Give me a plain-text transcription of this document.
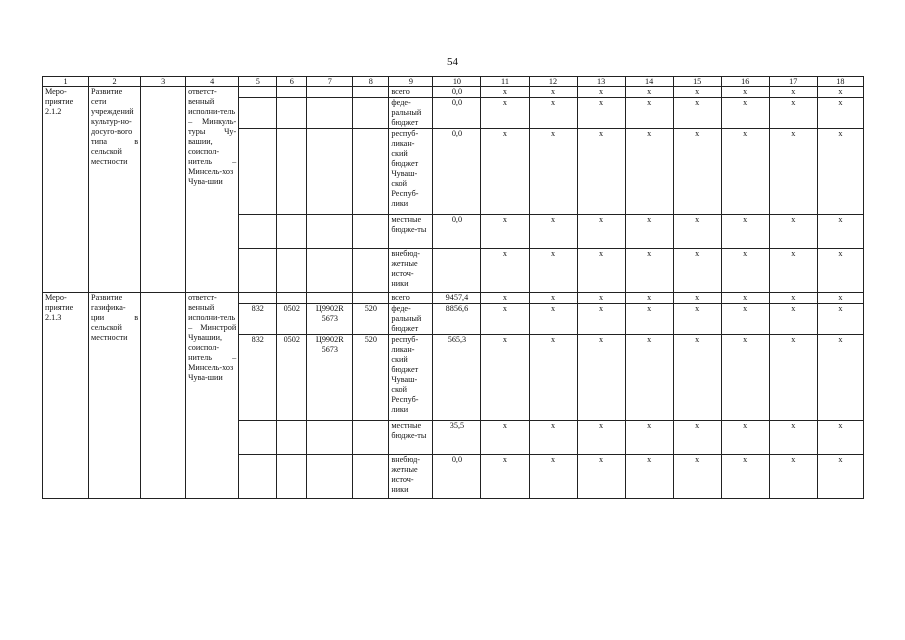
54
1	2	3	4	5	6	7	8	9	10	11	12	13	14	15	16	17	18
Меро-приятие 2.1.2	Развитие сети учреждений культур-но-досуго-вого типа в сельской местности		ответст-венный исполни-тель – Минкуль-туры Чу-вашии, соиспол-нитель – Минсель-хоз Чува-шии					всего	0,0	x	x	x	x	x	x	x	x
								феде-ральный бюджет	0,0	x	x	x	x	x	x	x	x
								респуб-ликан-ский бюджет Чуваш-ской Респуб-лики	0,0	x	x	x	x	x	x	x	x
								местные бюдже-ты	0,0	x	x	x	x	x	x	x	x
								внебюд-жетные источ-ники		x	x	x	x	x	x	x	x
Меро-приятие 2.1.3	Развитие газифика-ции в сельской местности		ответст-венный исполни-тель – Минстрой Чувашии, соиспол-нитель – Минсель-хоз Чува-шии					всего	9457,4	x	x	x	x	x	x	x	x
				832	0502	Ц9902R 5673	520	феде-ральный бюджет	8856,6	x	x	x	x	x	x	x	x
				832	0502	Ц9902R 5673	520	респуб-ликан-ский бюджет Чуваш-ской Респуб-лики	565,3	x	x	x	x	x	x	x	x
								местные бюдже-ты	35,5	x	x	x	x	x	x	x	x
								внебюд-жетные источ-ники	0,0	x	x	x	x	x	x	x	x
